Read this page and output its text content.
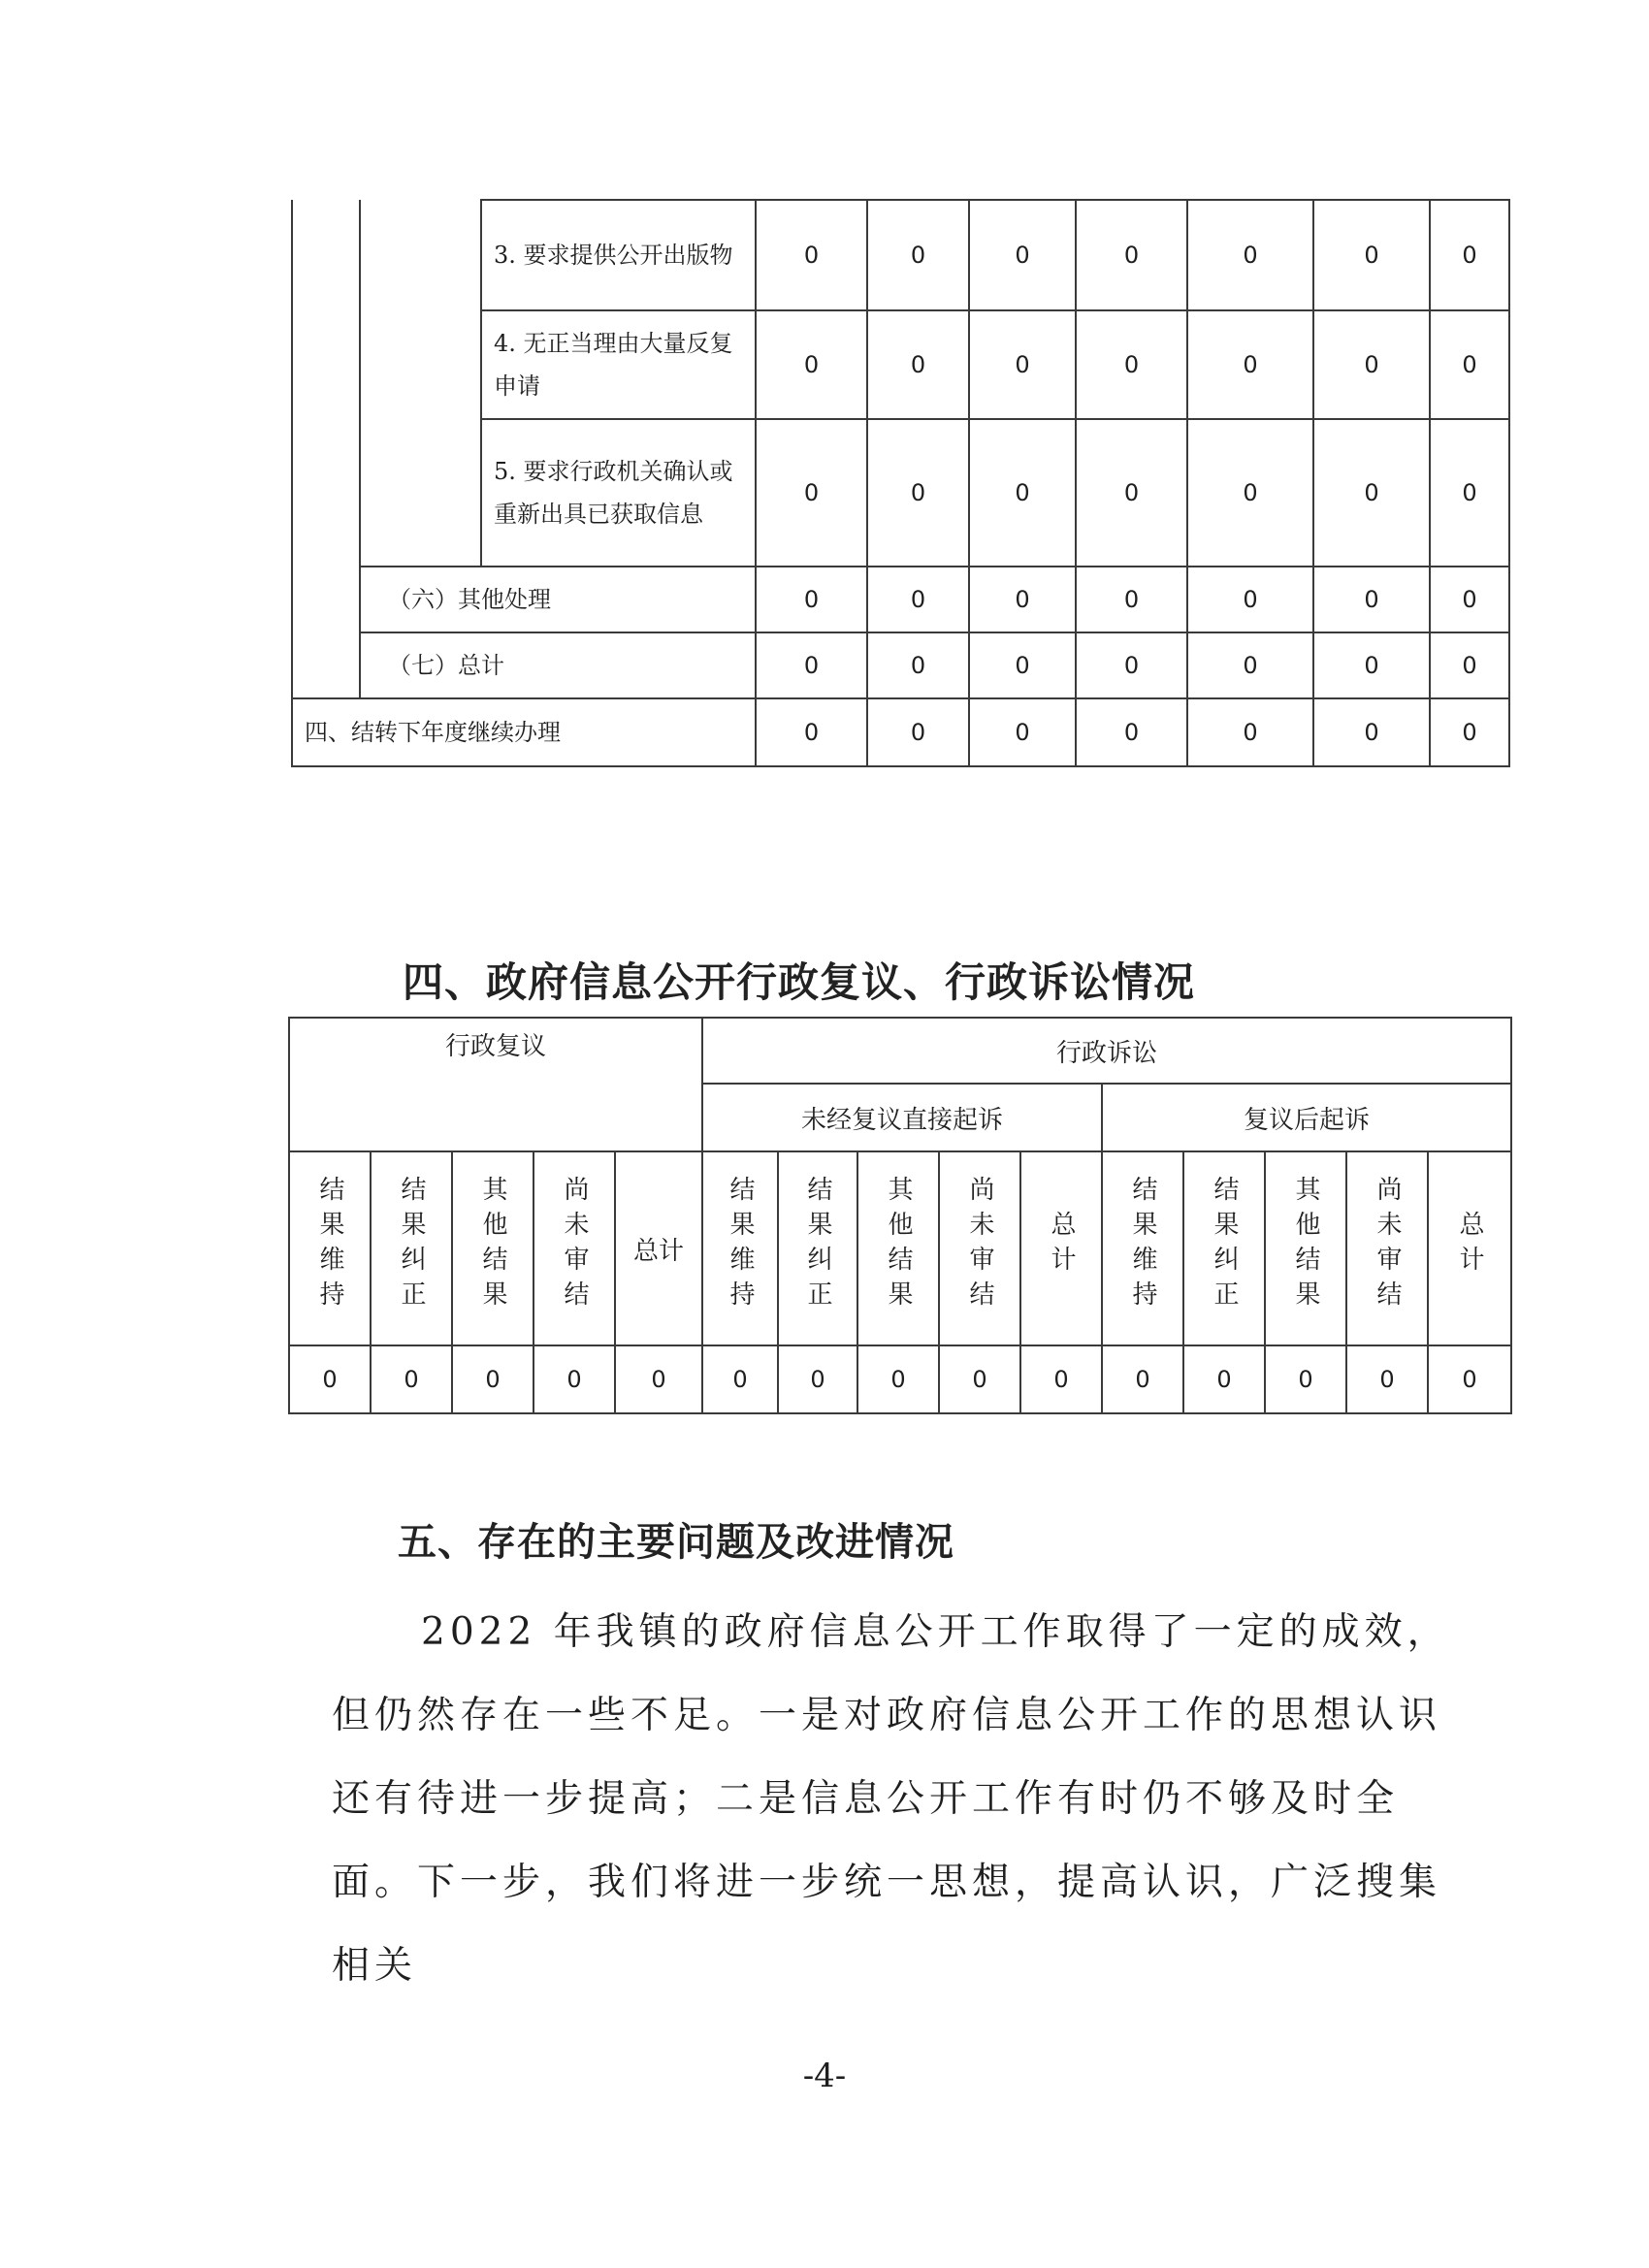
		3. 要求提供公开出版物	0	0	0	0	0	0	0
		4. 无正当理由大量反复申请	0	0	0	0	0	0	0
		5. 要求行政机关确认或重新出具已获取信息	0	0	0	0	0	0	0
	（六）其他处理		0	0	0	0	0	0	0
	（七）总计		0	0	0	0	0	0	0
四、结转下年度继续办理			0	0	0	0	0	0	0
四、政府信息公开行政复议、行政诉讼情况
行政复议					行政诉讼									
					未经复议直接起诉					复议后起诉				
结果维持	结果纠正	其他结果	尚未审结	总计	结果维持	结果纠正	其他结果	尚未审结	总计	结果维持	结果纠正	其他结果	尚未审结	总计
0	0	0	0	0	0	0	0	0	0	0	0	0	0	0
五、存在的主要问题及改进情况
2022 年我镇的政府信息公开工作取得了一定的成效，但仍然存在一些不足。一是对政府信息公开工作的思想认识还有待进一步提高；二是信息公开工作有时仍不够及时全面。下一步，我们将进一步统一思想，提高认识，广泛搜集相关
-4-
